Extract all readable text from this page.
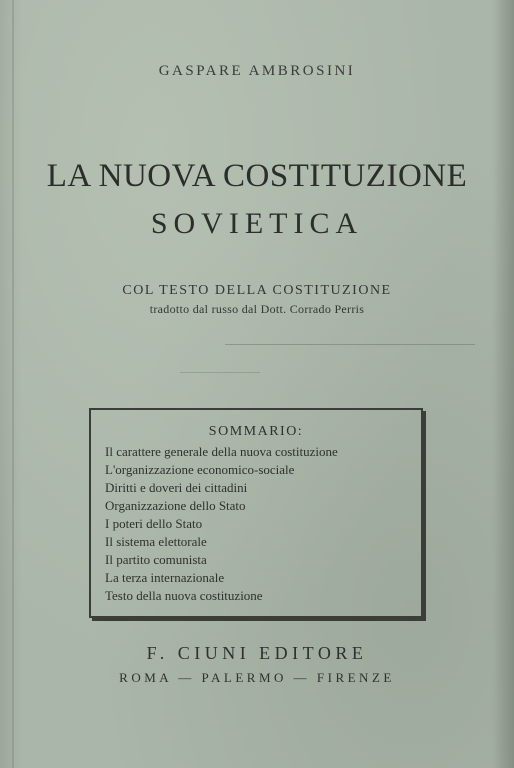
GASPARE AMBROSINI
LA NUOVA COSTITUZIONE
SOVIETICA
COL TESTO DELLA COSTITUZIONE
tradotto dal russo dal Dott. Corrado Perris
SOMMARIO:
Il carattere generale della nuova costituzione
L'organizzazione economico-sociale
Diritti e doveri dei cittadini
Organizzazione dello Stato
I poteri dello Stato
Il sistema elettorale
Il partito comunista
La terza internazionale
Testo della nuova costituzione
F. CIUNI EDITORE
ROMA — PALERMO — FIRENZE
